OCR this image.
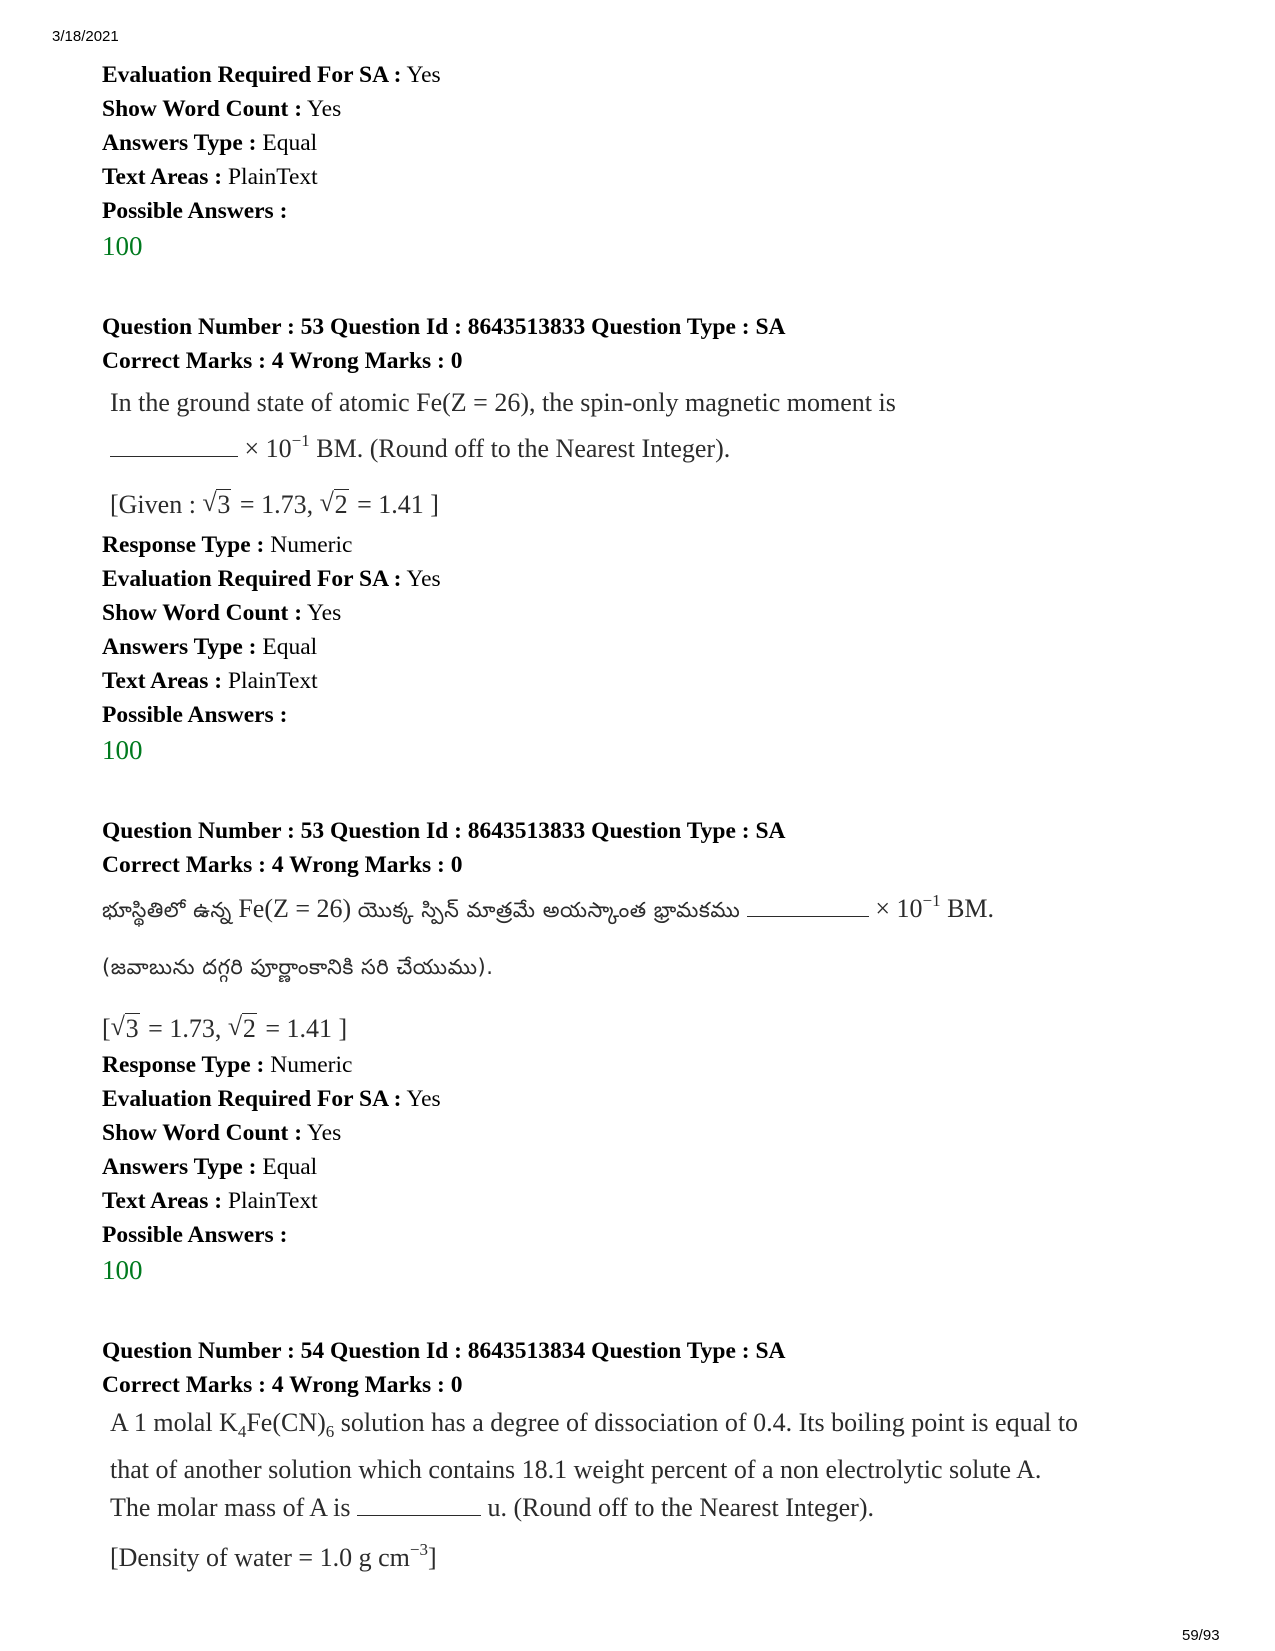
3/18/2021
Evaluation Required For SA : Yes
Show Word Count : Yes
Answers Type : Equal
Text Areas : PlainText
Possible Answers :
100
Question Number : 53 Question Id : 8643513833 Question Type : SA
Correct Marks : 4 Wrong Marks : 0

In the ground state of atomic Fe(Z = 26), the spin-only magnetic moment is

× $10^{-1}$ BM. (Round off to the Nearest Integer).

[Given : √ 3 = 1.73, √ 2 = 1.41 ]

Response Type : Numeric
Evaluation Required For SA : Yes
Show Word Count : Yes
Answers Type : Equal
Text Areas : PlainText
Possible Answers :
100
Question Number : 53 Question Id : 8643513833 Question Type : SA
Correct Marks : 4 Wrong Marks : 0

భూస్థితిలో ఉన్న Fe(Z = 26) యొక్క స్పిన్ మాత్రమే అయస్కాంత భ్రామకము	× $10^{-1}$ BM.

(జవాబును దగ్గరి పూర్ణాంకానికి సరి చేయుము).

[ √ 3 = 1.73, √ 2 = 1.41 ]

Response Type : Numeric
Evaluation Required For SA : Yes
Show Word Count : Yes
Answers Type : Equal
Text Areas : PlainText
Possible Answers :
100
Question Number : 54 Question Id : 8643513834 Question Type : SA
Correct Marks : 4 Wrong Marks : 0

A 1 molal $K_4Fe(CN)_6$ solution has a degree of dissociation of 0.4. Its boiling point is equal to

that of another solution which contains 18.1 weight percent of a non electrolytic solute A.

The molar mass of A is	u. (Round off to the Nearest Integer).

[Density of water = 1.0 g $cm^{-3}$]

59/93
